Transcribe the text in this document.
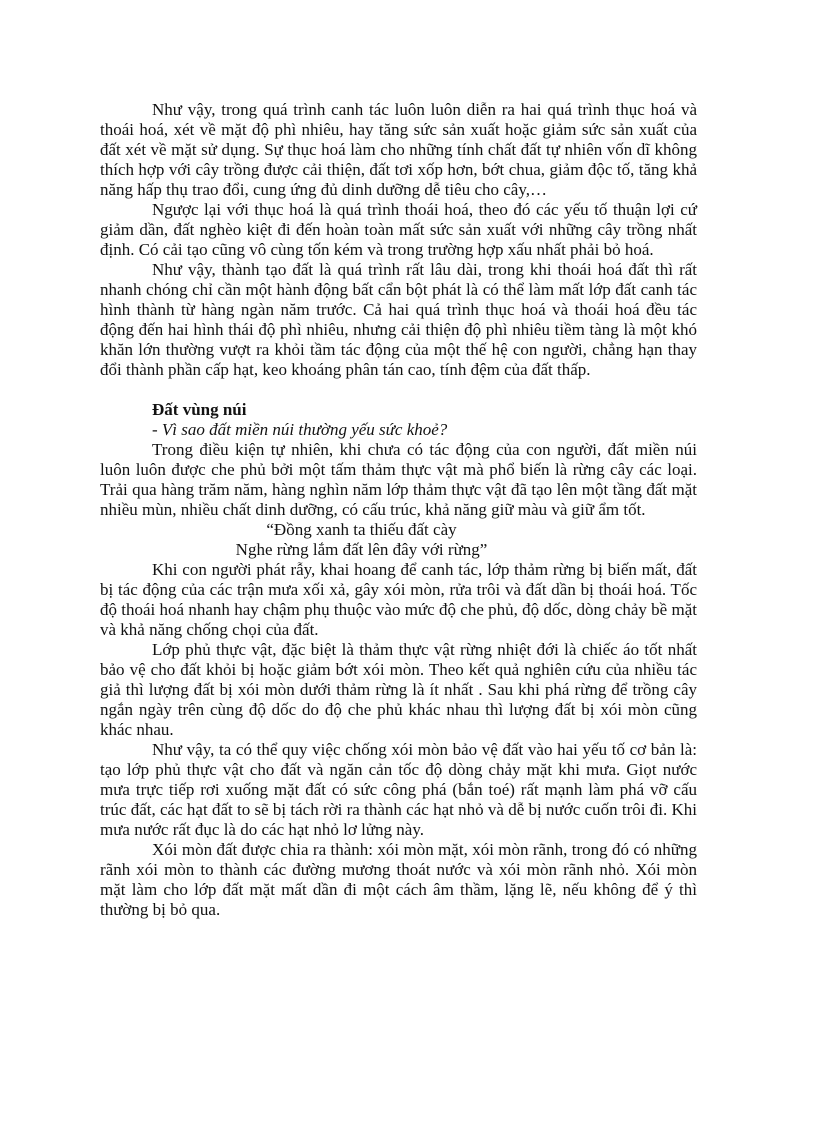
Như vậy, trong quá trình canh tác luôn luôn diễn ra hai quá trình thục hoá và thoái hoá, xét về mặt độ phì nhiêu, hay tăng sức sản xuất hoặc giảm sức sản xuất của đất xét về mặt sử dụng. Sự thục hoá làm cho những tính chất đất tự nhiên vốn dĩ không thích hợp với cây trồng được cải thiện, đất tơi xốp hơn, bớt chua, giảm độc tố, tăng khả năng hấp thụ trao đổi, cung ứng đủ dinh dưỡng dễ tiêu cho cây,…

Ngược lại với thục hoá là quá trình thoái hoá, theo đó các yếu tố thuận lợi cứ giảm dần, đất nghèo kiệt đi đến hoàn toàn mất sức sản xuất với những cây trồng nhất định. Có cải tạo cũng vô cùng tốn kém và trong trường hợp xấu nhất phải bỏ hoá.

Như vậy, thành tạo đất là quá trình rất lâu dài, trong khi thoái hoá đất thì rất nhanh chóng chỉ cần một hành động bất cẩn bột phát là có thể làm mất lớp đất canh tác hình thành từ hàng ngàn năm trước. Cả hai quá trình thục hoá và thoái hoá đều tác động đến hai hình thái độ phì nhiêu, nhưng cải thiện độ phì nhiêu tiềm tàng là một khó khăn lớn thường vượt ra khỏi tầm tác động của một thế hệ con người, chẳng hạn thay đổi thành phần cấp hạt, keo khoáng phân tán cao, tính đệm của đất thấp.

Đất vùng núi

- Vì sao đất miền núi thường yếu sức khoẻ?

Trong điều kiện tự nhiên, khi chưa có tác động của con người, đất miền núi luôn luôn được che phủ bởi một tấm thảm thực vật mà phổ biến là rừng cây các loại. Trải qua hàng trăm năm, hàng nghìn năm lớp thảm thực vật đã tạo lên một tầng đất mặt nhiều mùn, nhiều chất dinh dưỡng, có cấu trúc, khả năng giữ màu và giữ ẩm tốt.

“Đồng xanh ta thiếu đất cày

Nghe rừng lắm đất lên đây với rừng”

Khi con người phát rẫy, khai hoang để canh tác, lớp thảm rừng bị biến mất, đất bị tác động của các trận mưa xối xả, gây xói mòn, rửa trôi và đất dần bị thoái hoá. Tốc độ thoái hoá nhanh hay chậm phụ thuộc vào mức độ che phủ, độ dốc, dòng chảy bề mặt và khả năng chống chọi của đất.

Lớp phủ thực vật, đặc biệt là thảm thực vật rừng nhiệt đới là chiếc áo tốt nhất bảo vệ cho đất khỏi bị hoặc giảm bớt xói mòn. Theo kết quả nghiên cứu của nhiều tác giả thì lượng đất bị xói mòn dưới thảm rừng là ít nhất . Sau khi phá rừng để trồng cây ngắn ngày trên cùng độ dốc do độ che phủ khác nhau thì lượng đất bị xói mòn cũng khác nhau.

Như vậy, ta có thể quy việc chống xói mòn bảo vệ đất vào hai yếu tố cơ bản là: tạo lớp phủ thực vật cho đất và ngăn cản tốc độ dòng chảy mặt khi mưa. Giọt nước mưa trực tiếp rơi xuống mặt đất có sức công phá (bắn toé) rất mạnh làm phá vỡ cấu trúc đất, các hạt đất to sẽ bị tách rời ra thành các hạt nhỏ và dễ bị nước cuốn trôi đi. Khi mưa nước rất đục là do các hạt nhỏ lơ lửng này.

Xói mòn đất được chia ra thành: xói mòn mặt, xói mòn rãnh, trong đó có những rãnh xói mòn to thành các đường mương thoát nước và xói mòn rãnh nhỏ. Xói mòn mặt làm cho lớp đất mặt mất dần đi một cách âm thầm, lặng lẽ, nếu không để ý thì thường bị bỏ qua.
